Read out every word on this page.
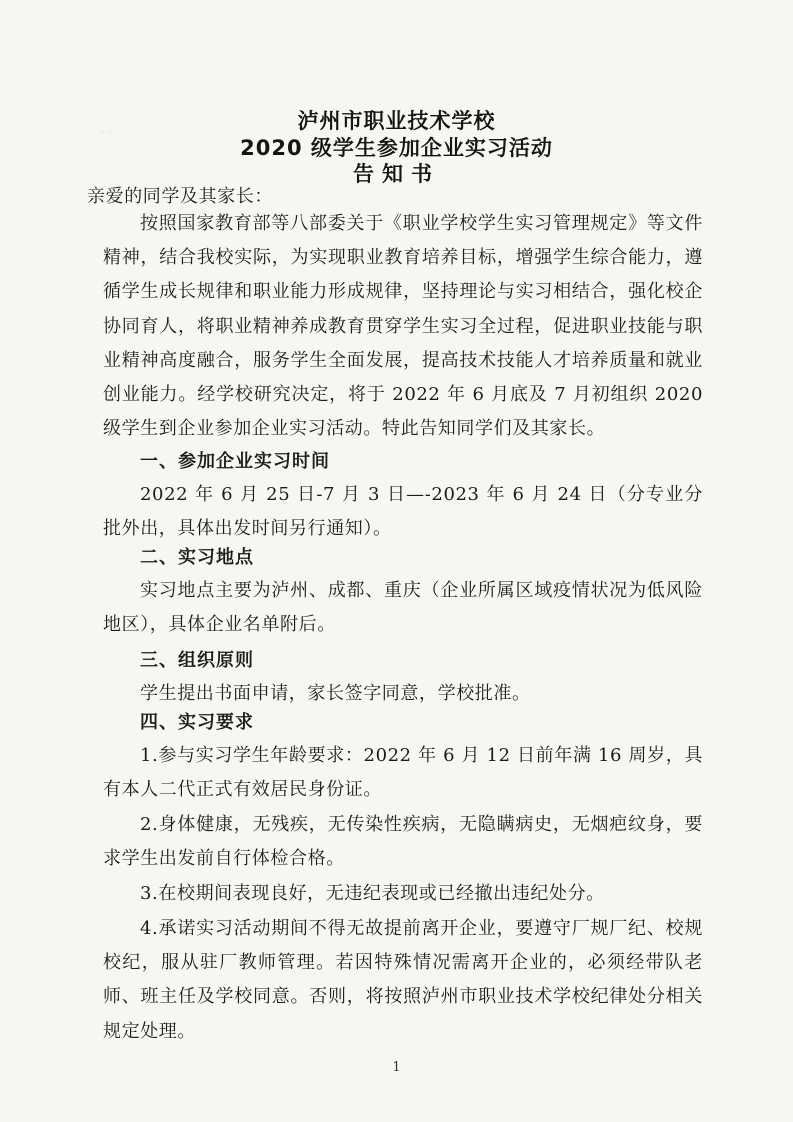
。。	泸州市职业技术学校
2020 级学生参加企业实习活动
告知书
亲爱的同学及其家长：
按照国家教育部等八部委关于《职业学校学生实习管理规定》等文件精神，结合我校实际，为实现职业教育培养目标，增强学生综合能力，遵循学生成长规律和职业能力形成规律，坚持理论与实习相结合，强化校企协同育人，将职业精神养成教育贯穿学生实习全过程，促进职业技能与职业精神高度融合，服务学生全面发展，提高技术技能人才培养质量和就业创业能力。经学校研究决定，将于 2022 年 6 月底及 7 月初组织 2020 级学生到企业参加企业实习活动。特此告知同学们及其家长。
一、参加企业实习时间
2022 年 6 月 25 日-7 月 3 日—-2023 年 6 月 24 日（分专业分批外出，具体出发时间另行通知）。
二、实习地点
实习地点主要为泸州、成都、重庆（企业所属区域疫情状况为低风险地区），具体企业名单附后。
三、组织原则
学生提出书面申请，家长签字同意，学校批准。
四、实习要求
1.参与实习学生年龄要求：2022 年 6 月 12 日前年满 16 周岁，具有本人二代正式有效居民身份证。
2.身体健康，无残疾，无传染性疾病，无隐瞒病史，无烟疤纹身，要求学生出发前自行体检合格。
3.在校期间表现良好，无违纪表现或已经撤出违纪处分。
4.承诺实习活动期间不得无故提前离开企业，要遵守厂规厂纪、校规校纪，服从驻厂教师管理。若因特殊情况需离开企业的，必须经带队老师、班主任及学校同意。否则，将按照泸州市职业技术学校纪律处分相关规定处理。
1
